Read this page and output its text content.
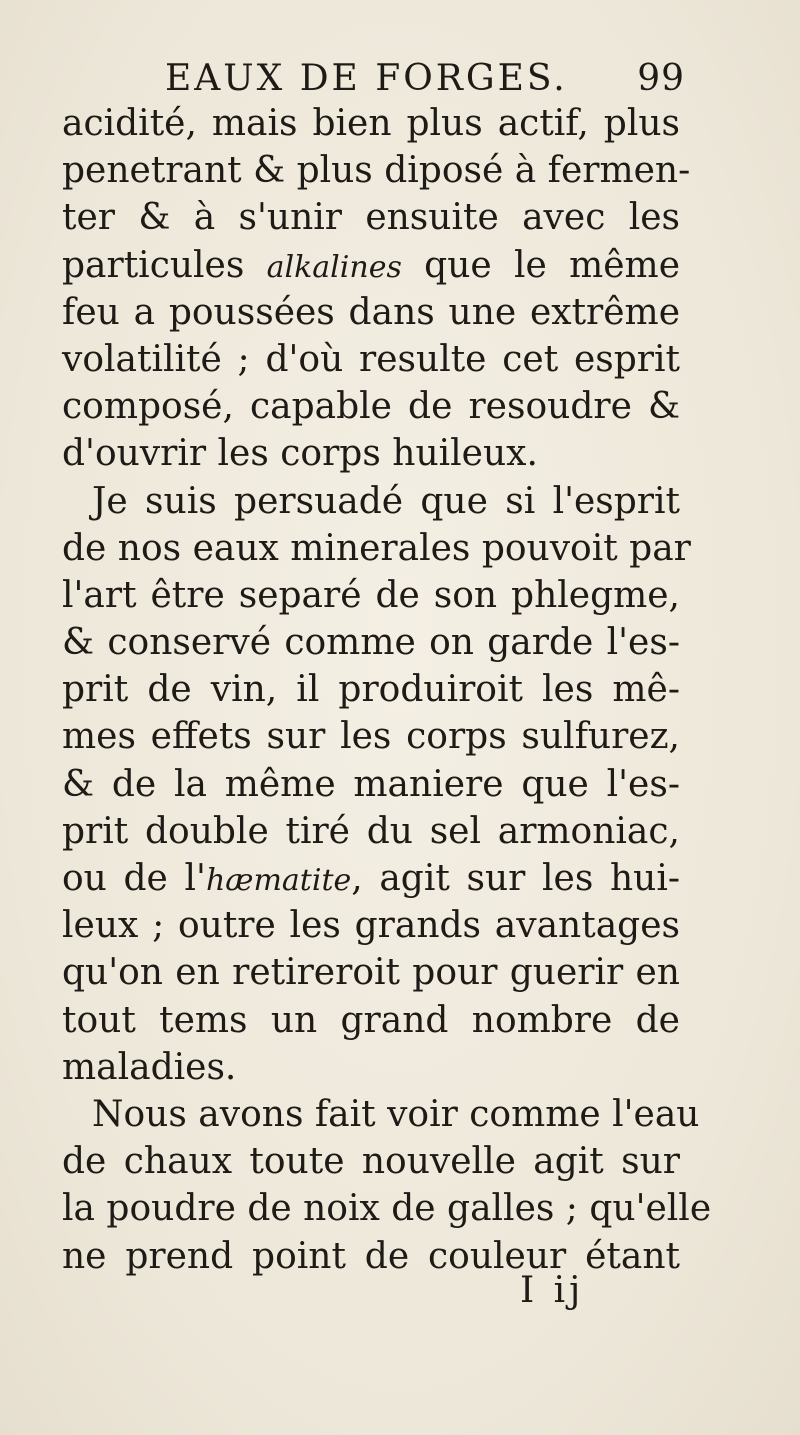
EAUX DE FORGES. 99
acidité, mais bien plus actif, plus
penetrant & plus diposé à fermen-
ter & à s'unir ensuite avec les
particules alkalines que le même
feu a poussées dans une extrême
volatilité ; d'où resulte cet esprit
composé, capable de resoudre &
d'ouvrir les corps huileux.
Je suis persuadé que si l'esprit
de nos eaux minerales pouvoit par
l'art être separé de son phlegme,
& conservé comme on garde l'es-
prit de vin, il produiroit les mê-
mes effets sur les corps sulfurez,
& de la même maniere que l'es-
prit double tiré du sel armoniac,
ou de l'hæmatite, agit sur les hui-
leux ; outre les grands avantages
qu'on en retireroit pour guerir en
tout tems un grand nombre de
maladies.
Nous avons fait voir comme l'eau
de chaux toute nouvelle agit sur
la poudre de noix de galles ; qu'elle
ne prend point de couleur étant
I ij
